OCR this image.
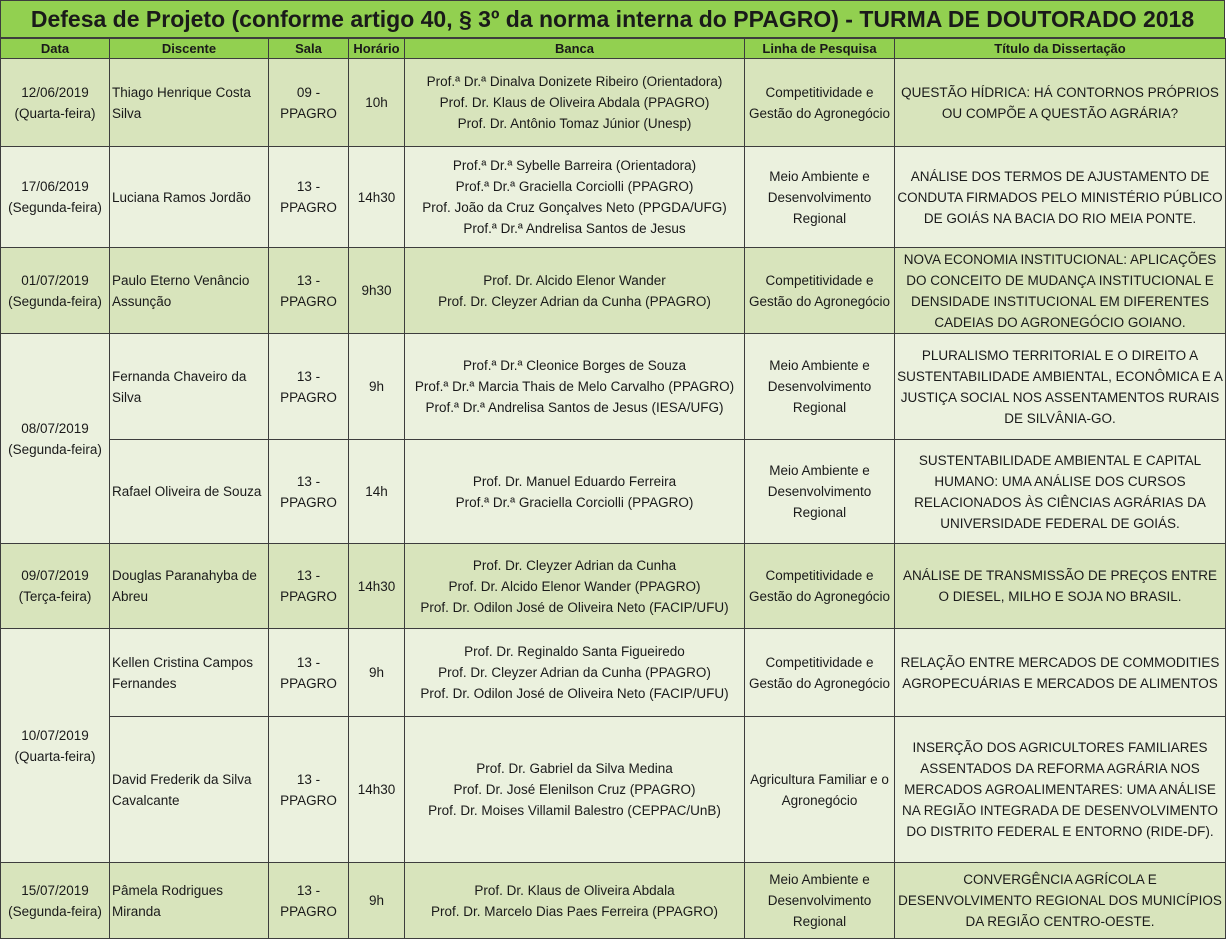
Defesa de Projeto (conforme artigo 40, § 3º da norma interna do PPAGRO) - TURMA DE DOUTORADO 2018
Data	Discente	Sala	Horário	Banca	Linha de Pesquisa	Título da Dissertação

12/06/2019
(Quarta-feira)	Thiago Henrique Costa Silva	09 - PPAGRO	10h	Prof.ª Dr.ª Dinalva Donizete Ribeiro (Orientadora)
Prof. Dr. Klaus de Oliveira Abdala (PPAGRO)
Prof. Dr. Antônio Tomaz Júnior (Unesp)	Competitividade e Gestão do Agronegócio	QUESTÃO HÍDRICA: HÁ CONTORNOS PRÓPRIOS OU COMPÕE A QUESTÃO AGRÁRIA?

17/06/2019
(Segunda-feira)	Luciana Ramos Jordão	13 - PPAGRO	14h30	Prof.ª Dr.ª Sybelle Barreira (Orientadora)
Prof.ª Dr.ª Graciella Corciolli (PPAGRO)
Prof. João da Cruz Gonçalves Neto (PPGDA/UFG)
Prof.ª Dr.ª Andrelisa Santos de Jesus	Meio Ambiente e Desenvolvimento Regional	ANÁLISE DOS TERMOS DE AJUSTAMENTO DE CONDUTA FIRMADOS PELO MINISTÉRIO PÚBLICO DE GOIÁS NA BACIA DO RIO MEIA PONTE.

01/07/2019
(Segunda-feira)	Paulo Eterno Venâncio Assunção	13 - PPAGRO	9h30	Prof. Dr. Alcido Elenor Wander
Prof. Dr. Cleyzer Adrian da Cunha (PPAGRO)	Competitividade e Gestão do Agronegócio	NOVA ECONOMIA INSTITUCIONAL: APLICAÇÕES DO CONCEITO DE MUDANÇA INSTITUCIONAL E DENSIDADE INSTITUCIONAL EM DIFERENTES CADEIAS DO AGRONEGÓCIO GOIANO.

08/07/2019
(Segunda-feira)	Fernanda Chaveiro da Silva	13 - PPAGRO	9h	Prof.ª Dr.ª Cleonice Borges de Souza
Prof.ª Dr.ª Marcia Thais de Melo Carvalho (PPAGRO)
Prof.ª Dr.ª Andrelisa Santos de Jesus (IESA/UFG)	Meio Ambiente e Desenvolvimento Regional	PLURALISMO TERRITORIAL E O DIREITO A SUSTENTABILIDADE AMBIENTAL, ECONÔMICA E A JUSTIÇA SOCIAL NOS ASSENTAMENTOS RURAIS DE SILVÂNIA-GO.
	Rafael Oliveira de Souza	13 - PPAGRO	14h	Prof. Dr. Manuel Eduardo Ferreira
Prof.ª Dr.ª Graciella Corciolli (PPAGRO)	Meio Ambiente e Desenvolvimento Regional	SUSTENTABILIDADE AMBIENTAL E CAPITAL HUMANO: UMA ANÁLISE DOS CURSOS RELACIONADOS ÀS CIÊNCIAS AGRÁRIAS DA UNIVERSIDADE FEDERAL DE GOIÁS.

09/07/2019
(Terça-feira)	Douglas Paranahyba de Abreu	13 - PPAGRO	14h30	Prof. Dr. Cleyzer Adrian da Cunha
Prof. Dr. Alcido Elenor Wander (PPAGRO)
Prof. Dr. Odilon José de Oliveira Neto (FACIP/UFU)	Competitividade e Gestão do Agronegócio	ANÁLISE DE TRANSMISSÃO DE PREÇOS ENTRE O DIESEL, MILHO E SOJA NO BRASIL.

10/07/2019
(Quarta-feira)	Kellen Cristina Campos Fernandes	13 - PPAGRO	9h	Prof. Dr. Reginaldo Santa Figueiredo
Prof. Dr. Cleyzer Adrian da Cunha (PPAGRO)
Prof. Dr. Odilon José de Oliveira Neto (FACIP/UFU)	Competitividade e Gestão do Agronegócio	RELAÇÃO ENTRE MERCADOS DE COMMODITIES AGROPECUÁRIAS E MERCADOS DE ALIMENTOS
	David Frederik da Silva Cavalcante	13 - PPAGRO	14h30	Prof. Dr. Gabriel da Silva Medina
Prof. Dr. José Elenilson Cruz (PPAGRO)
Prof. Dr. Moises Villamil Balestro (CEPPAC/UnB)	Agricultura Familiar e o Agronegócio	INSERÇÃO DOS AGRICULTORES FAMILIARES ASSENTADOS DA REFORMA AGRÁRIA NOS MERCADOS AGROALIMENTARES: UMA ANÁLISE NA REGIÃO INTEGRADA DE DESENVOLVIMENTO DO DISTRITO FEDERAL E ENTORNO (RIDE-DF).

15/07/2019
(Segunda-feira)	Pâmela Rodrigues Miranda	13 - PPAGRO	9h	Prof. Dr. Klaus de Oliveira Abdala
Prof. Dr. Marcelo Dias Paes Ferreira (PPAGRO)	Meio Ambiente e Desenvolvimento Regional	CONVERGÊNCIA AGRÍCOLA E DESENVOLVIMENTO REGIONAL DOS MUNICÍPIOS DA REGIÃO CENTRO-OESTE.
